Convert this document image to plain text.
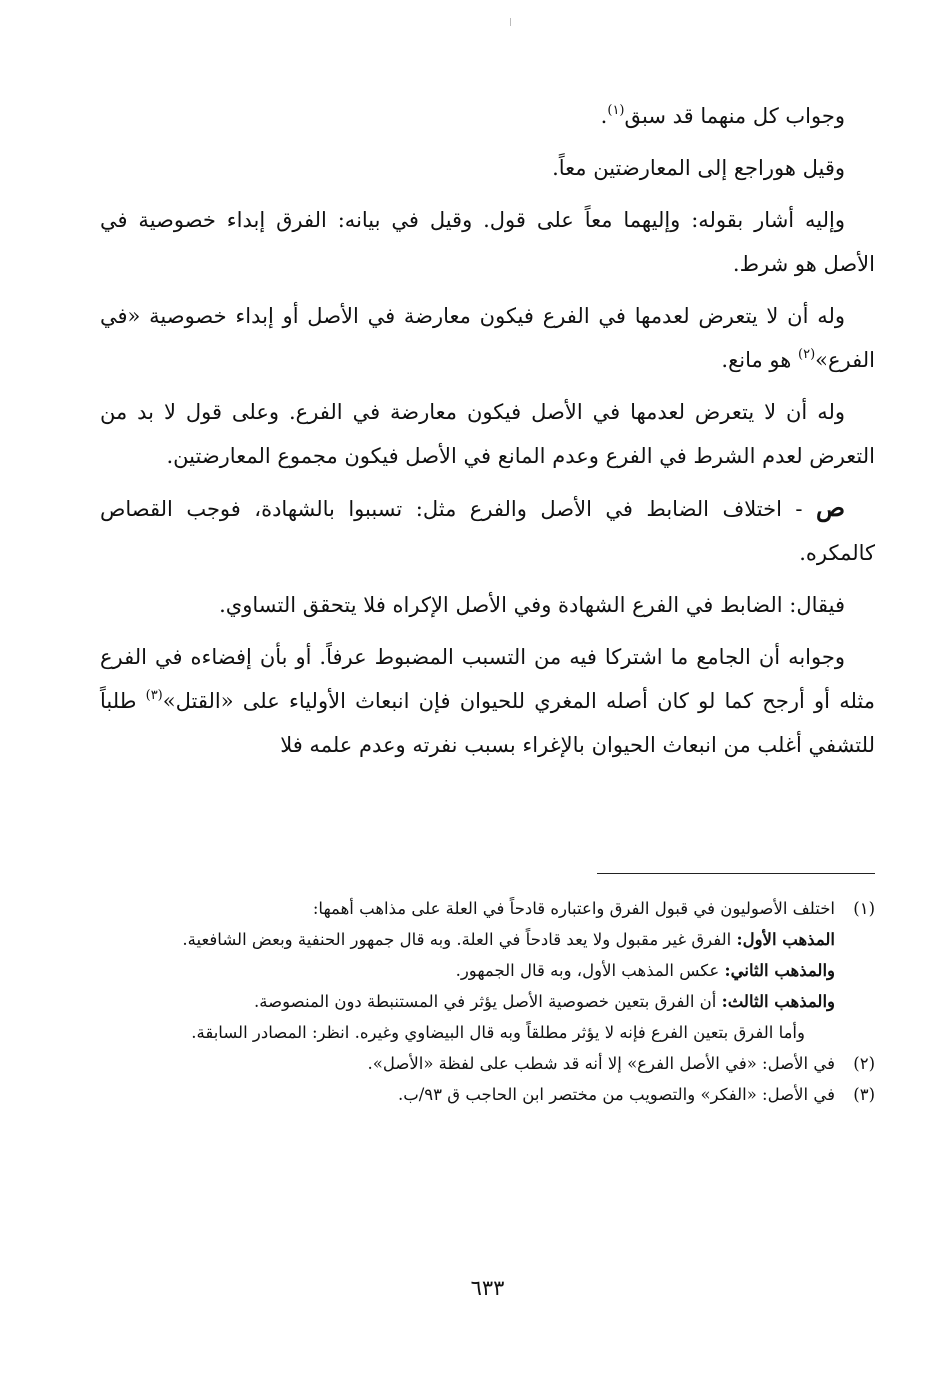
وجواب كل منهما قد سبق$^{(١)}$.

وقيل هوراجع إلى المعارضتين معاً.

وإليه أشار بقوله: وإليهما معاً على قول. وقيل في بيانه: الفرق إبداء خصوصية في الأصل هو شرط.

وله أن لا يتعرض لعدمها في الفرع فيكون معارضة في الأصل أو إبداء خصوصية «في الفرع»$^{(٢)}$ هو مانع.

وله أن لا يتعرض لعدمها في الأصل فيكون معارضة في الفرع. وعلى قول لا بد من التعرض لعدم الشرط في الفرع وعدم المانع في الأصل فيكون مجموع المعارضتين.

ص - اختلاف الضابط في الأصل والفرع مثل: تسببوا بالشهادة، فوجب القصاص كالمكره.

فيقال: الضابط في الفرع الشهادة وفي الأصل الإكراه فلا يتحقق التساوي.

وجوابه أن الجامع ما اشتركا فيه من التسبب المضبوط عرفاً. أو بأن إفضاءه في الفرع مثله أو أرجح كما لو كان أصله المغري للحيوان فإن انبعاث الأولياء على «القتل»$^{(٣)}$ طلباً للتشفي أغلب من انبعاث الحيوان بالإغراء بسبب نفرته وعدم علمه فلا

(١)اختلف الأصوليون في قبول الفرق واعتباره قادحاً في العلة على مذاهب أهمها:
المذهب الأول: الفرق غير مقبول ولا يعد قادحاً في العلة. وبه قال جمهور الحنفية وبعض الشافعية.
والمذهب الثاني: عكس المذهب الأول، وبه قال الجمهور.
والمذهب الثالث: أن الفرق بتعين خصوصية الأصل يؤثر في المستنبطة دون المنصوصة.
وأما الفرق بتعين الفرع فإنه لا يؤثر مطلقاً وبه قال البيضاوي وغيره. انظر: المصادر السابقة.
(٢)في الأصل: «في الأصل الفرع» إلا أنه قد شطب على لفظة «الأصل».
(٣)في الأصل: «الفكر» والتصويب من مختصر ابن الحاجب ق ٩٣/ب.
٦٣٣
